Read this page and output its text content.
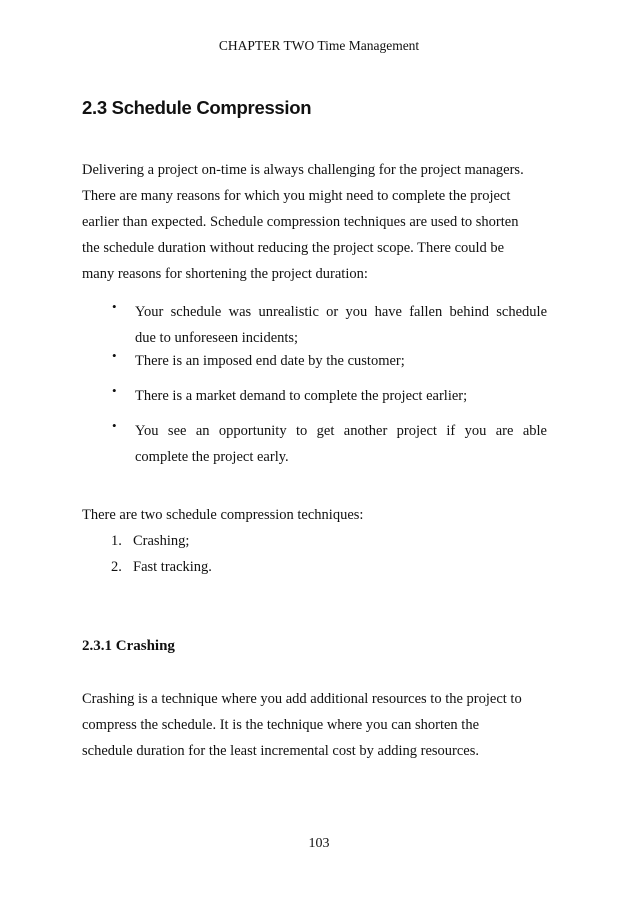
CHAPTER TWO Time Management
2.3 Schedule Compression
Delivering a project on-time is always challenging for the project managers.
There are many reasons for which you might need to complete the project
earlier than expected. Schedule compression techniques are used to shorten
the schedule duration without reducing the project scope. There could be
many reasons for shortening the project duration:
• Your schedule was unrealistic or you have fallen behind schedule
due to unforeseen incidents;
• There is an imposed end date by the customer;
• There is a market demand to complete the project earlier;
• You see an opportunity to get another project if you are able
complete the project early.
There are two schedule compression techniques:
1. Crashing;
2. Fast tracking.
2.3.1 Crashing
Crashing is a technique where you add additional resources to the project to
compress the schedule. It is the technique where you can shorten the
schedule duration for the least incremental cost by adding resources.
103
